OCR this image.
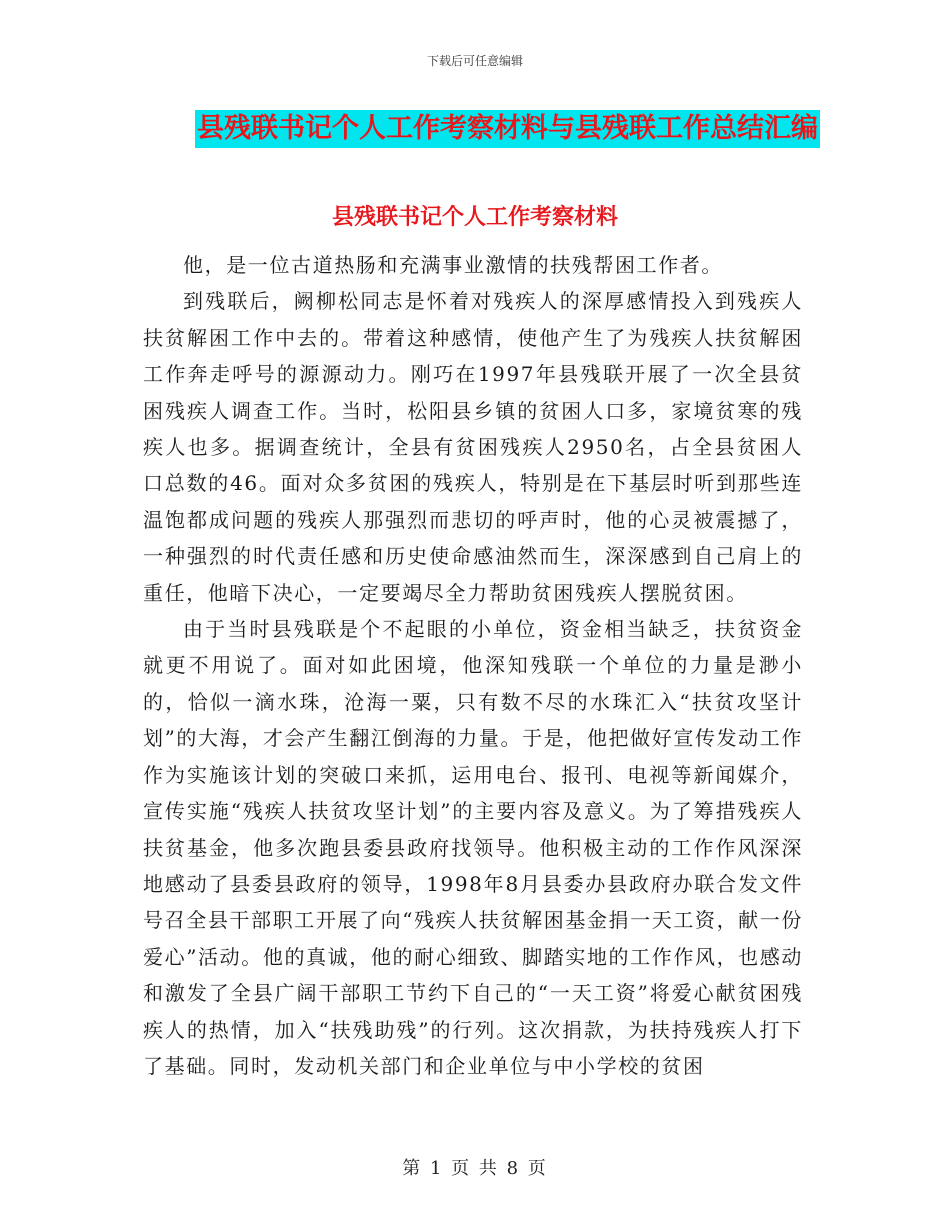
下载后可任意编辑
县残联书记个人工作考察材料与县残联工作总结汇编
县残联书记个人工作考察材料

他，是一位古道热肠和充满事业激情的扶残帮困工作者。

到残联后，阙柳松同志是怀着对残疾人的深厚感情投入到残疾人扶贫解困工作中去的。带着这种感情，使他产生了为残疾人扶贫解困工作奔走呼号的源源动力。刚巧在1997年县残联开展了一次全县贫困残疾人调查工作。当时，松阳县乡镇的贫困人口多，家境贫寒的残疾人也多。据调查统计，全县有贫困残疾人2950名，占全县贫困人口总数的46。面对众多贫困的残疾人，特别是在下基层时听到那些连温饱都成问题的残疾人那强烈而悲切的呼声时，他的心灵被震撼了，一种强烈的时代责任感和历史使命感油然而生，深深感到自己肩上的重任，他暗下决心，一定要竭尽全力帮助贫困残疾人摆脱贫困。

由于当时县残联是个不起眼的小单位，资金相当缺乏，扶贫资金就更不用说了。面对如此困境，他深知残联一个单位的力量是渺小的，恰似一滴水珠，沧海一粟，只有数不尽的水珠汇入“扶贫攻坚计划”的大海，才会产生翻江倒海的力量。于是，他把做好宣传发动工作作为实施该计划的突破口来抓，运用电台、报刊、电视等新闻媒介，宣传实施“残疾人扶贫攻坚计划”的主要内容及意义。为了筹措残疾人扶贫基金，他多次跑县委县政府找领导。他积极主动的工作作风深深地感动了县委县政府的领导，1998年8月县委办县政府办联合发文件号召全县干部职工开展了向“残疾人扶贫解困基金捐一天工资，献一份爱心”活动。他的真诚，他的耐心细致、脚踏实地的工作作风，也感动和激发了全县广阔干部职工节约下自己的“一天工资”将爱心献贫困残疾人的热情，加入“扶残助残”的行列。这次捐款，为扶持残疾人打下了基础。同时，发动机关部门和企业单位与中小学校的贫困

第 1 页 共 8 页
